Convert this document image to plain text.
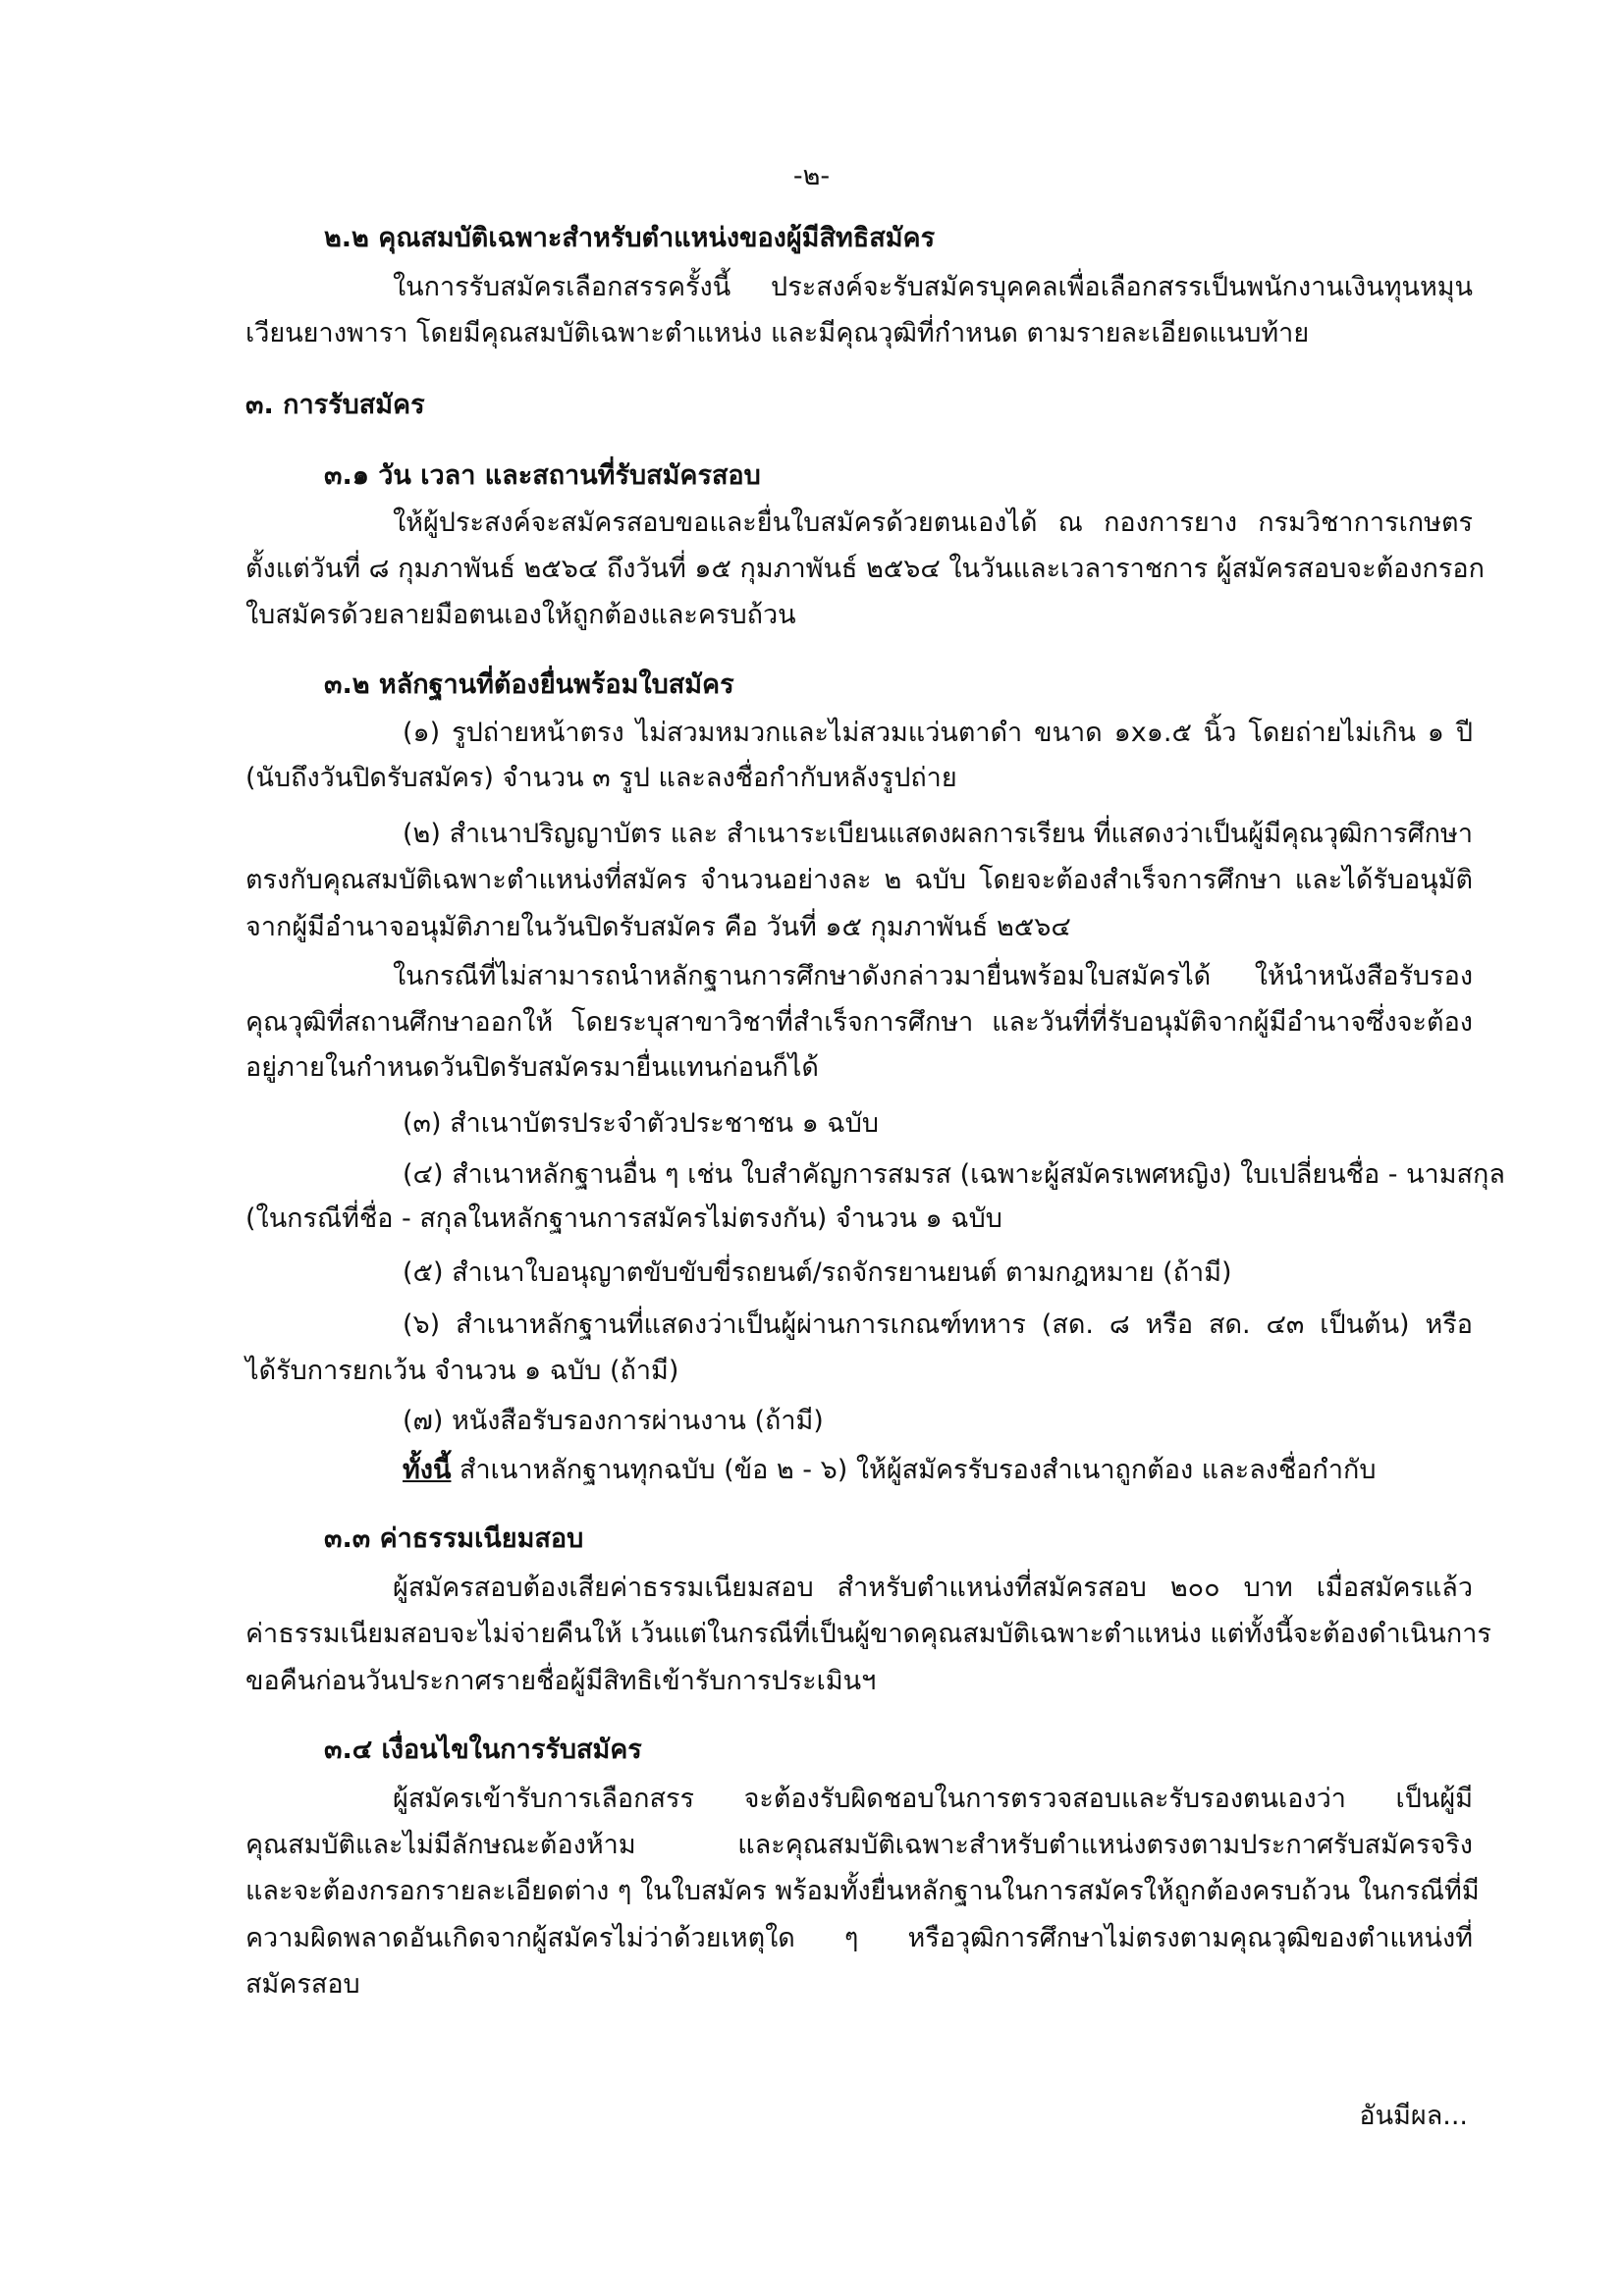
-๒-
๒.๒ คุณสมบัติเฉพาะสำหรับตำแหน่งของผู้มีสิทธิสมัคร
ในการรับสมัครเลือกสรรครั้งนี้ ประสงค์จะรับสมัครบุคคลเพื่อเลือกสรรเป็นพนักงานเงินทุนหมุน
เวียนยางพารา โดยมีคุณสมบัติเฉพาะตำแหน่ง และมีคุณวุฒิที่กำหนด ตามรายละเอียดแนบท้าย
๓. การรับสมัคร
๓.๑ วัน เวลา และสถานที่รับสมัครสอบ
ให้ผู้ประสงค์จะสมัครสอบขอและยื่นใบสมัครด้วยตนเองได้ ณ กองการยาง กรมวิชาการเกษตร
ตั้งแต่วันที่ ๘ กุมภาพันธ์ ๒๕๖๔ ถึงวันที่ ๑๕ กุมภาพันธ์ ๒๕๖๔ ในวันและเวลาราชการ ผู้สมัครสอบจะต้องกรอก
ใบสมัครด้วยลายมือตนเองให้ถูกต้องและครบถ้วน
๓.๒ หลักฐานที่ต้องยื่นพร้อมใบสมัคร
(๑) รูปถ่ายหน้าตรง ไม่สวมหมวกและไม่สวมแว่นตาดำ ขนาด ๑x๑.๕ นิ้ว โดยถ่ายไม่เกิน ๑ ปี
(นับถึงวันปิดรับสมัคร) จำนวน ๓ รูป และลงชื่อกำกับหลังรูปถ่าย
(๒) สำเนาปริญญาบัตร และ สำเนาระเบียนแสดงผลการเรียน ที่แสดงว่าเป็นผู้มีคุณวุฒิการศึกษา
ตรงกับคุณสมบัติเฉพาะตำแหน่งที่สมัคร จำนวนอย่างละ ๒ ฉบับ โดยจะต้องสำเร็จการศึกษา และได้รับอนุมัติ
จากผู้มีอำนาจอนุมัติภายในวันปิดรับสมัคร คือ วันที่ ๑๕ กุมภาพันธ์ ๒๕๖๔
ในกรณีที่ไม่สามารถนำหลักฐานการศึกษาดังกล่าวมายื่นพร้อมใบสมัครได้ ให้นำหนังสือรับรอง
คุณวุฒิที่สถานศึกษาออกให้ โดยระบุสาขาวิชาที่สำเร็จการศึกษา และวันที่ที่รับอนุมัติจากผู้มีอำนาจซึ่งจะต้อง
อยู่ภายในกำหนดวันปิดรับสมัครมายื่นแทนก่อนก็ได้
(๓) สำเนาบัตรประจำตัวประชาชน ๑ ฉบับ
(๔) สำเนาหลักฐานอื่น ๆ เช่น ใบสำคัญการสมรส (เฉพาะผู้สมัครเพศหญิง) ใบเปลี่ยนชื่อ - นามสกุล
(ในกรณีที่ชื่อ - สกุลในหลักฐานการสมัครไม่ตรงกัน) จำนวน ๑ ฉบับ
(๕) สำเนาใบอนุญาตขับขับขี่รถยนต์/รถจักรยานยนต์ ตามกฎหมาย (ถ้ามี)
(๖) สำเนาหลักฐานที่แสดงว่าเป็นผู้ผ่านการเกณฑ์ทหาร (สด. ๘ หรือ สด. ๔๓ เป็นต้น) หรือ
ได้รับการยกเว้น จำนวน ๑ ฉบับ (ถ้ามี)
(๗) หนังสือรับรองการผ่านงาน (ถ้ามี)
ทั้งนี้ สำเนาหลักฐานทุกฉบับ (ข้อ ๒ - ๖) ให้ผู้สมัครรับรองสำเนาถูกต้อง และลงชื่อกำกับ
๓.๓ ค่าธรรมเนียมสอบ
ผู้สมัครสอบต้องเสียค่าธรรมเนียมสอบ สำหรับตำแหน่งที่สมัครสอบ ๒๐๐ บาท เมื่อสมัครแล้ว
ค่าธรรมเนียมสอบจะไม่จ่ายคืนให้ เว้นแต่ในกรณีที่เป็นผู้ขาดคุณสมบัติเฉพาะตำแหน่ง แต่ทั้งนี้จะต้องดำเนินการ
ขอคืนก่อนวันประกาศรายชื่อผู้มีสิทธิเข้ารับการประเมินฯ
๓.๔ เงื่อนไขในการรับสมัคร
ผู้สมัครเข้ารับการเลือกสรร จะต้องรับผิดชอบในการตรวจสอบและรับรองตนเองว่า เป็นผู้มี
คุณสมบัติและไม่มีลักษณะต้องห้าม และคุณสมบัติเฉพาะสำหรับตำแหน่งตรงตามประกาศรับสมัครจริง
และจะต้องกรอกรายละเอียดต่าง ๆ ในใบสมัคร พร้อมทั้งยื่นหลักฐานในการสมัครให้ถูกต้องครบถ้วน ในกรณีที่มี
ความผิดพลาดอันเกิดจากผู้สมัครไม่ว่าด้วยเหตุใด ๆ หรือวุฒิการศึกษาไม่ตรงตามคุณวุฒิของตำแหน่งที่
สมัครสอบ
อันมีผล...
